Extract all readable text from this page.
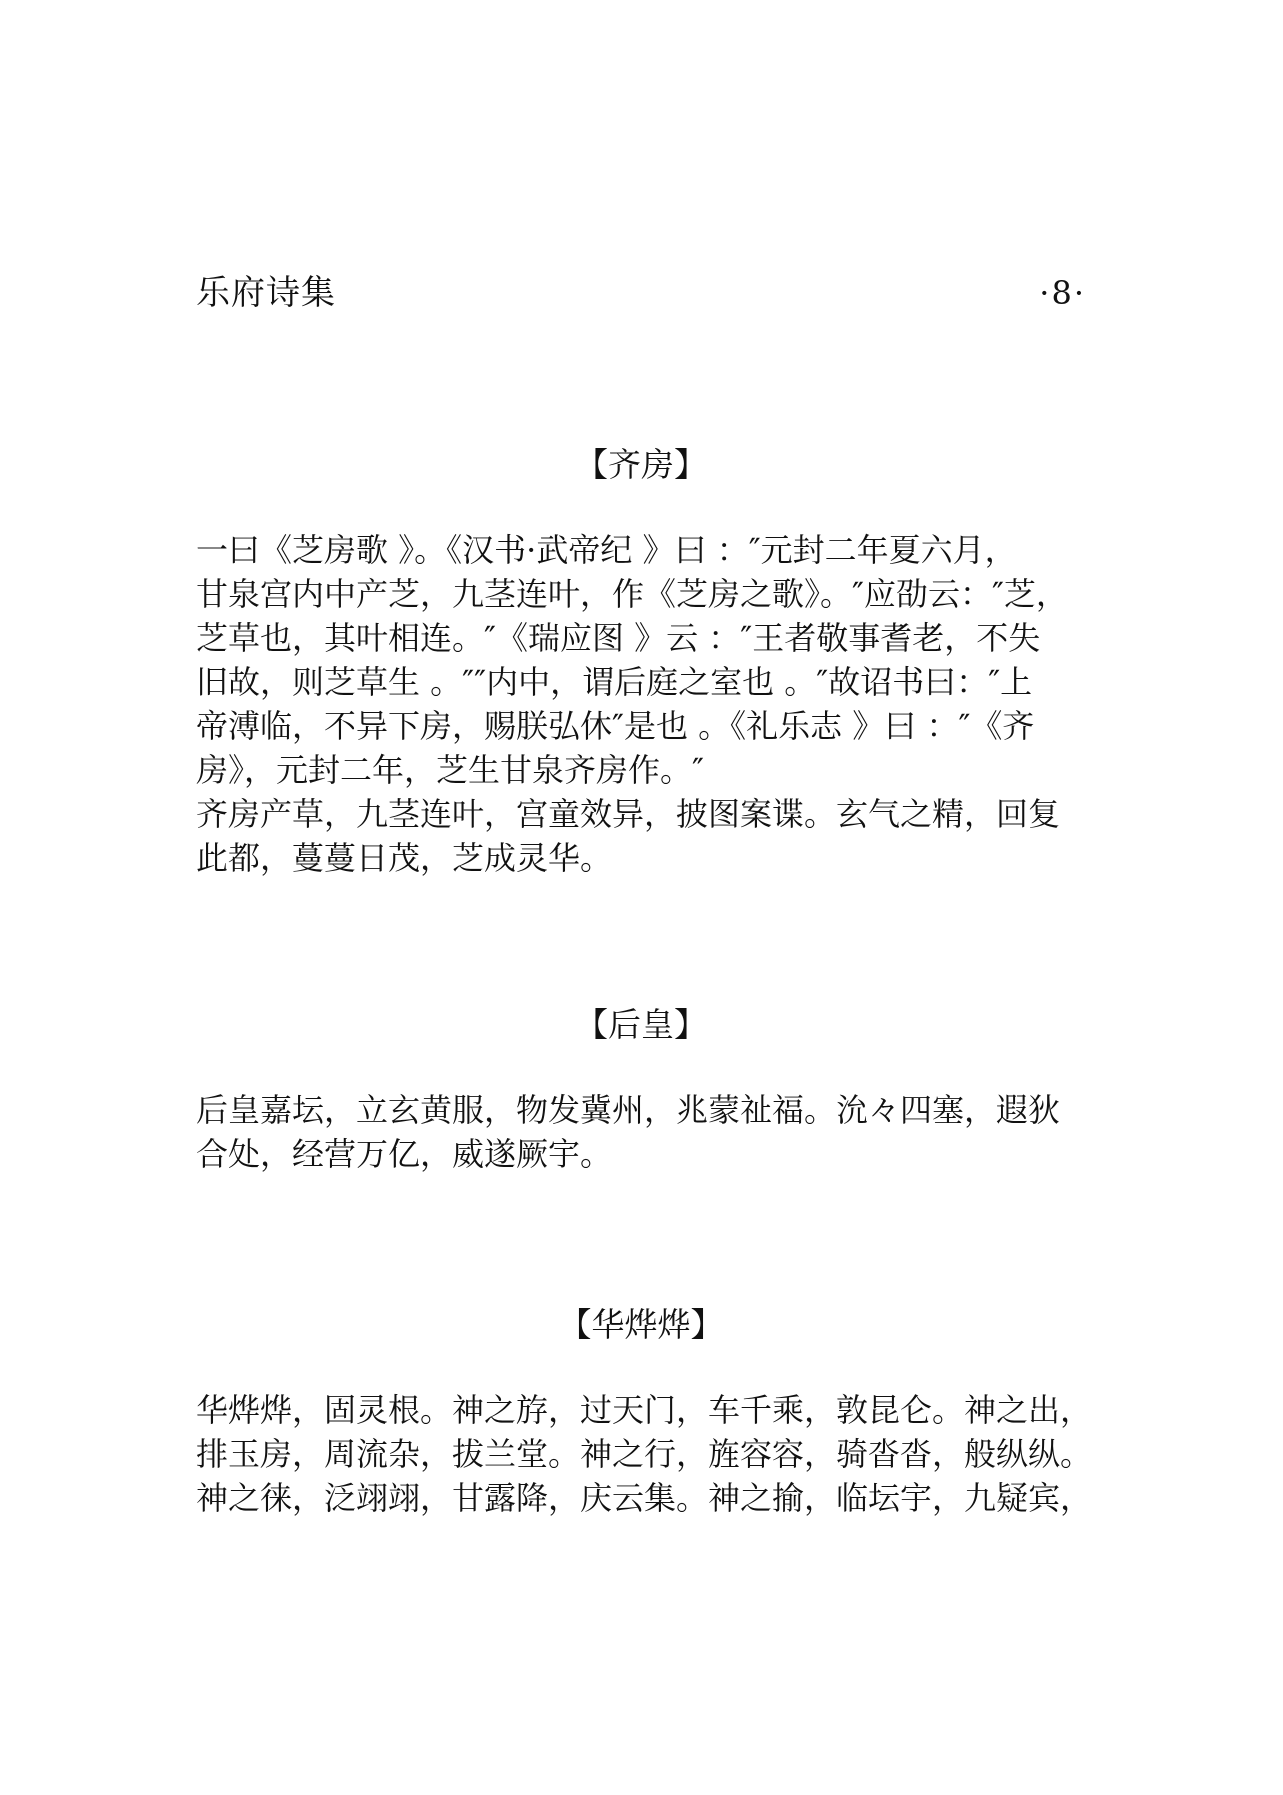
乐府诗集	·8·
【齐房】
一曰《芝房歌 》。《汉书·武帝纪 》曰 ：″元封二年夏六月，
甘泉宫内中产芝，九茎连叶，作《芝房之歌》。″应劭云：″芝，
芝草也，其叶相连。″《瑞应图 》云 ：″王者敬事耆老，不失
旧故，则芝草生 。″″内中，谓后庭之室也 。″故诏书曰：″上
帝溥临，不异下房，赐朕弘休″是也 。《礼乐志 》曰 ：″《齐
房》，元封二年，芝生甘泉齐房作。″
齐房产草，九茎连叶，宫童效异，披图案谍。玄气之精，回复
此都，蔓蔓日茂，芝成灵华。
【后皇】
后皇嘉坛，立玄黄服，物发冀州，兆蒙祉福。沇々四塞，遐狄
合处，经营万亿，威遂厥宇。
【华烨烨】
华烨烨，固灵根。神之斿，过天门，车千乘，敦昆仑。神之出，
排玉房，周流杂，拔兰堂。神之行，旌容容，骑沓沓，般纵纵。
神之徕，泛翊翊，甘露降，庆云集。神之揄，临坛宇，九疑宾，
